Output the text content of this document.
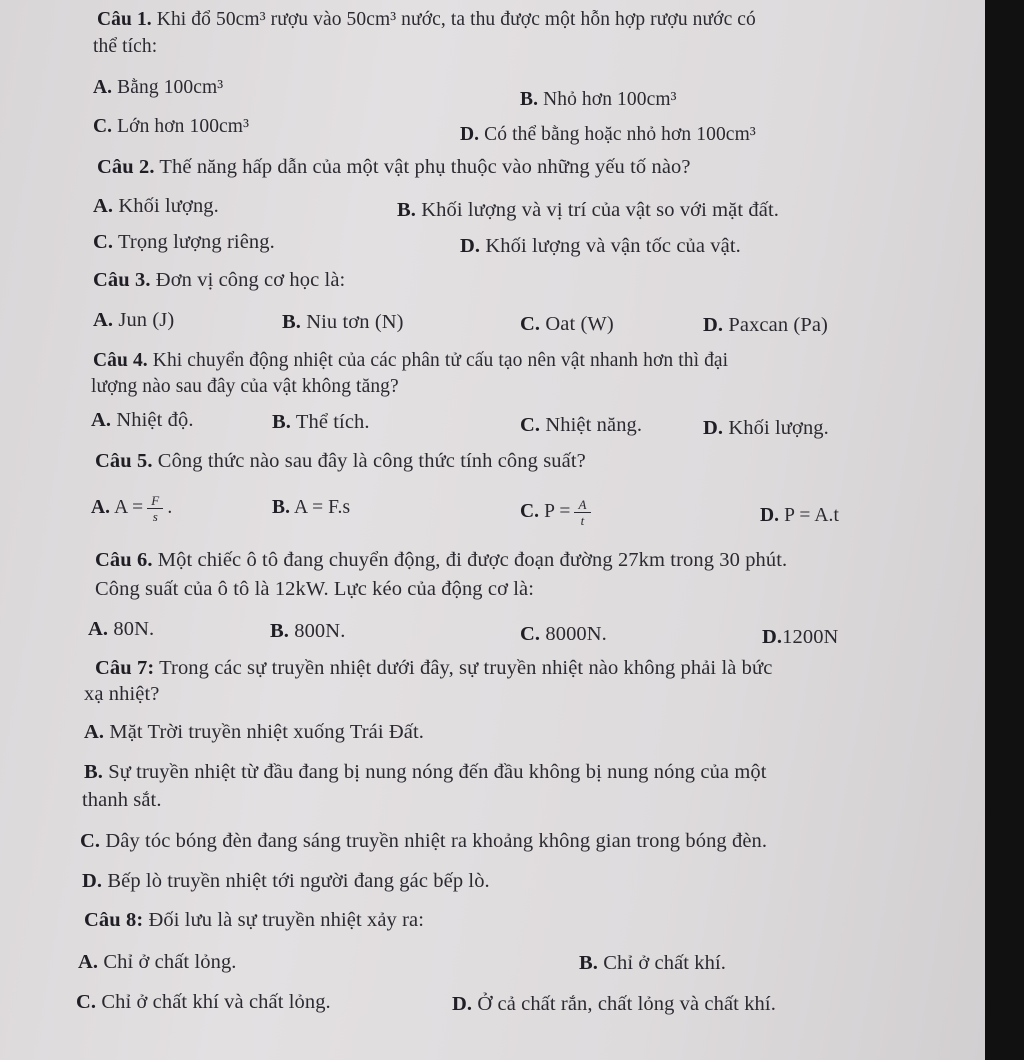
Câu 1. Khi đổ 50cm³ rượu vào 50cm³ nước, ta thu được một hỗn hợp rượu nước có
thể tích:
A. Bằng 100cm³
B. Nhỏ hơn 100cm³
C. Lớn hơn 100cm³	D. Có thể bằng hoặc nhỏ hơn 100cm³
Câu 2. Thế năng hấp dẫn của một vật phụ thuộc vào những yếu tố nào?
A. Khối lượng.	B. Khối lượng và vị trí của vật so với mặt đất.
C. Trọng lượng riêng.	D. Khối lượng và vận tốc của vật.
Câu 3. Đơn vị công cơ học là:
A. Jun (J)	B. Niu tơn (N)	C. Oat (W)	D. Paxcan (Pa)
Câu 4. Khi chuyển động nhiệt của các phân tử cấu tạo nên vật nhanh hơn thì đại
lượng nào sau đây của vật không tăng?
A. Nhiệt độ.	B. Thể tích.	C. Nhiệt năng.	D. Khối lượng.
Câu 5. Công thức nào sau đây là công thức tính công suất?
A. $A = \frac{F}{s}$ .	B. A = F.s	C. $P = \frac{A}{t}$	D. P = A.t
Câu 6. Một chiếc ô tô đang chuyển động, đi được đoạn đường 27km trong 30 phút.
Công suất của ô tô là 12kW. Lực kéo của động cơ là:
A. 80N.	B. 800N.	C. 8000N.	D.1200N
Câu 7: Trong các sự truyền nhiệt dưới đây, sự truyền nhiệt nào không phải là bức
xạ nhiệt?
A. Mặt Trời truyền nhiệt xuống Trái Đất.
B. Sự truyền nhiệt từ đầu đang bị nung nóng đến đầu không bị nung nóng của một
thanh sắt.
C. Dây tóc bóng đèn đang sáng truyền nhiệt ra khoảng không gian trong bóng đèn.
D. Bếp lò truyền nhiệt tới người đang gác bếp lò.
Câu 8: Đối lưu là sự truyền nhiệt xảy ra:
A. Chỉ ở chất lỏng.	B. Chỉ ở chất khí.
C. Chỉ ở chất khí và chất lỏng.	D. Ở cả chất rắn, chất lỏng và chất khí.
